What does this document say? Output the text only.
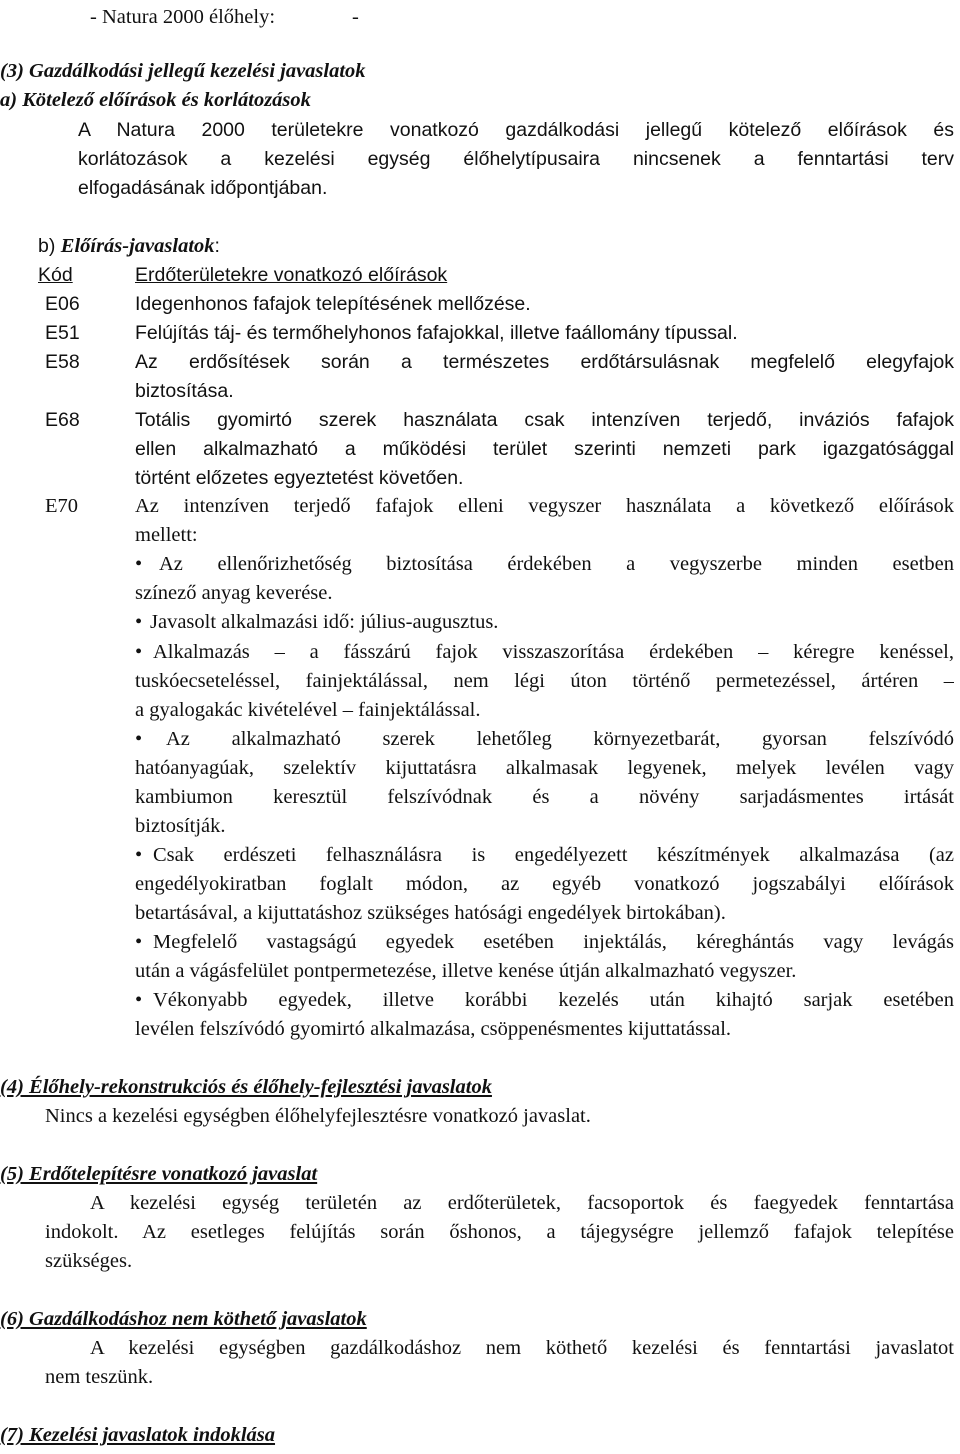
- Natura 2000 élőhely:	-
(3) Gazdálkodási jellegű kezelési javaslatok
a) Kötelező előírások és korlátozások
A Natura 2000 területekre vonatkozó gazdálkodási jellegű kötelező előírások és
korlátozások a kezelési egység élőhelytípusaira nincsenek a fenntartási terv
elfogadásának időpontjában.
b) Előírás-javaslatok:
Kód	Erdőterületekre vonatkozó előírások
E06	Idegenhonos fafajok telepítésének mellőzése.
E51	Felújítás táj- és termőhelyhonos fafajokkal, illetve faállomány típussal.
E58	Az erdősítések során a természetes erdőtársulásnak megfelelő elegyfajok
biztosítása.
E68	Totális gyomirtó szerek használata csak intenzíven terjedő, inváziós fafajok
ellen alkalmazható a működési terület szerinti nemzeti park igazgatósággal
történt előzetes egyeztetést követően.
E70	Az intenzíven terjedő fafajok elleni vegyszer használata a következő előírások
mellett:
• Az ellenőrizhetőség biztosítása érdekében a vegyszerbe minden esetben
színező anyag keverése.
• Javasolt alkalmazási idő: július-augusztus.
• Alkalmazás – a fásszárú fajok visszaszorítása érdekében – kéregre kenéssel,
tuskóecseteléssel, fainjektálással, nem légi úton történő permetezéssel, ártéren –
a gyalogakác kivételével – fainjektálással.
• Az alkalmazható szerek lehetőleg környezetbarát, gyorsan felszívódó
hatóanyagúak, szelektív kijuttatásra alkalmasak legyenek, melyek levélen vagy
kambiumon keresztül felszívódnak és a növény sarjadásmentes irtását
biztosítják.
• Csak erdészeti felhasználásra is engedélyezett készítmények alkalmazása (az
engedélyokiratban foglalt módon, az egyéb vonatkozó jogszabályi előírások
betartásával, a kijuttatáshoz szükséges hatósági engedélyek birtokában).
• Megfelelő vastagságú egyedek esetében injektálás, kéreghántás vagy levágás
után a vágásfelület pontpermetezése, illetve kenése útján alkalmazható vegyszer.
• Vékonyabb egyedek, illetve korábbi kezelés után kihajtó sarjak esetében
levélen felszívódó gyomirtó alkalmazása, csöppenésmentes kijuttatással.
(4) Élőhely-rekonstrukciós és élőhely-fejlesztési javaslatok
Nincs a kezelési egységben élőhelyfejlesztésre vonatkozó javaslat.
(5) Erdőtelepítésre vonatkozó javaslat
A kezelési egység területén az erdőterületek, facsoportok és faegyedek fenntartása
indokolt. Az esetleges felújítás során őshonos, a tájegységre jellemző fafajok telepítése
szükséges.
(6) Gazdálkodáshoz nem köthető javaslatok
A kezelési egységben gazdálkodáshoz nem köthető kezelési és fenntartási javaslatot
nem teszünk.
(7) Kezelési javaslatok indoklása
